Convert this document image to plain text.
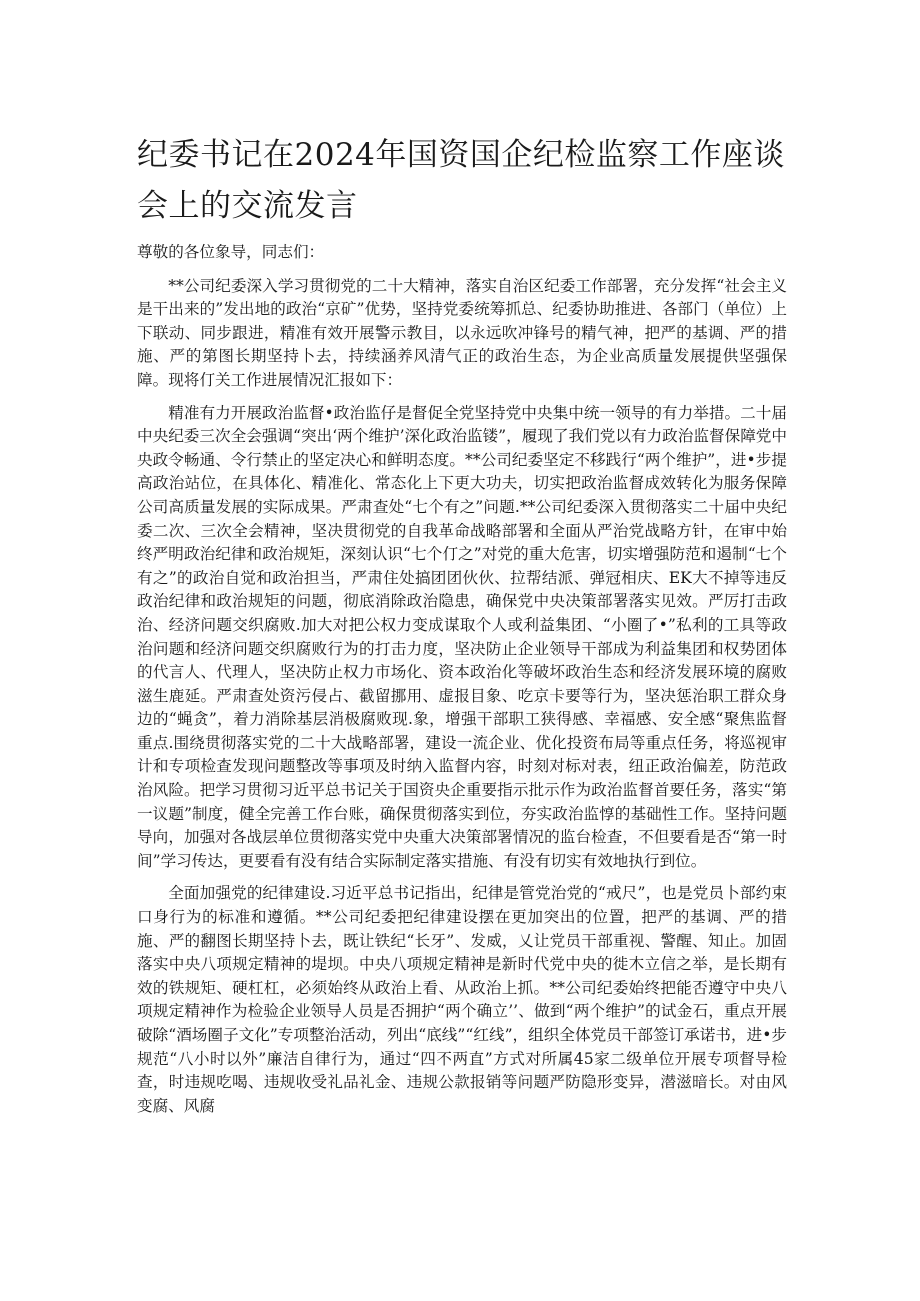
纪委书记在2024年国资国企纪检监察工作座谈会上的交流发言

尊敬的各位象导，同志们：

**公司纪委深入学习贯彻党的二十大精神，落实自治区纪委工作部署，充分发挥“社会主义是干出来的”发出地的政治“京矿”优势，坚持党委统筹抓总、纪委协助推进、各部门（单位）上下联动、同步跟进，精准有效开展警示教目，以永远吹冲锋号的精气神，把严的基调、严的措施、严的第图长期坚持卜去，持续涵养风清气正的政治生态，为企业高质量发展提供坚强保障。现将仃关工作进展情况汇报如下：

精准有力开展政治监督•政治监仔是督促全党坚持党中央集中统一领导的有力举措。二十届中央纪委三次全会强调“突出‘两个维护’深化政治监镂”，履现了我们党以有力政治监督保障党中央政令畅通、令行禁止的坚定决心和鲜明态度。**公司纪委坚定不移践行“两个维护”，进•步提高政治站位，在具体化、精准化、常态化上下更大功夫，切实把政治监督成效转化为服务保障公司高质量发展的实际成果。严肃查处“七个有之”问题.**公司纪委深入贯彻落实二十届中央纪委二次、三次全会精神，坚决贯彻党的自我革命战略部署和全面从严治党战略方针，在审中始终严明政治纪律和政治规矩，深刻认识“七个仃之”对党的重大危害，切实增强防范和遏制“七个有之”的政治自觉和政治担当，严肃住处搞团团伙伙、拉帮结派、弹冠相庆、EK大不掉等违反政治纪律和政治规矩的问题，彻底消除政治隐患，确保党中央决策部署落实见效。严厉打击政治、经济问题交织腐败.加大对把公权力变成谋取个人或利益集团、“小圈了•”私利的工具等政治问题和经济问题交织腐败行为的打击力度，坚决防止企业领导干部成为利益集团和权势团体的代言人、代理人，坚决防止权力市场化、资本政治化等破坏政治生态和经济发展环境的腐败滋生鹿延。严肃查处资污侵占、截留挪用、虚报目象、吃京卡要等行为，坚决惩治职工群众身边的“蝇贪”，着力消除基层消极腐败现.象，增强干部职工狭得感、幸福感、安全感“聚焦监督重点.围绕贯彻落实党的二十大战略部署，建设一流企业、优化投资布局等重点任务，将巡视审计和专项检查发现问题整改等事项及时纳入监督内容，时刻对标对表，纽正政治偏差，防范政治风险。把学习贯彻习近平总书记关于国资央企重要指示批示作为政治监督首要任务，落实“第一议题”制度，健全完善工作台账，确保贯彻落实到位，夯实政治监惇的基础性工作。坚持问题导向，加强对各战层单位贯彻落实党中央重大决策部署情况的监台检查，不但要看是否“第一时间”学习传达，更要看有没有结合实际制定落实措施、有没有切实有效地执行到位。

全面加强党的纪律建设.习近平总书记指出，纪律是管党治党的“戒尺”，也是党员卜部约束口身行为的标准和遵循。**公司纪委把纪律建设摆在更加突出的位置，把严的基调、严的措施、严的翻图长期坚持卜去，既让铁纪“长牙”、发威，乂让党员干部重视、警醒、知止。加固落实中央八项规定精神的堤坝。中央八项规定精神是新时代党中央的徙木立信之举，是长期有效的铁规矩、硬杠杠，必须始终从政治上看、从政治上抓。**公司纪委始终把能否遵守中央八项规定精神作为检验企业领导人员是否拥护“两个确立’’、做到“两个维护”的试金石，重点开展破除“酒场圈子文化”专项整治活动，列出“底线”“红线”，组织全体党员干部签订承诺书，进•步规范“八小时以外”廉洁自律行为，通过“四不两直”方式对所属45家二级单位开展专项督导检查，时违规吃喝、违规收受礼品礼金、违规公款报销等问题严防隐形变异，潜滋暗长。对由风变腐、风腐
